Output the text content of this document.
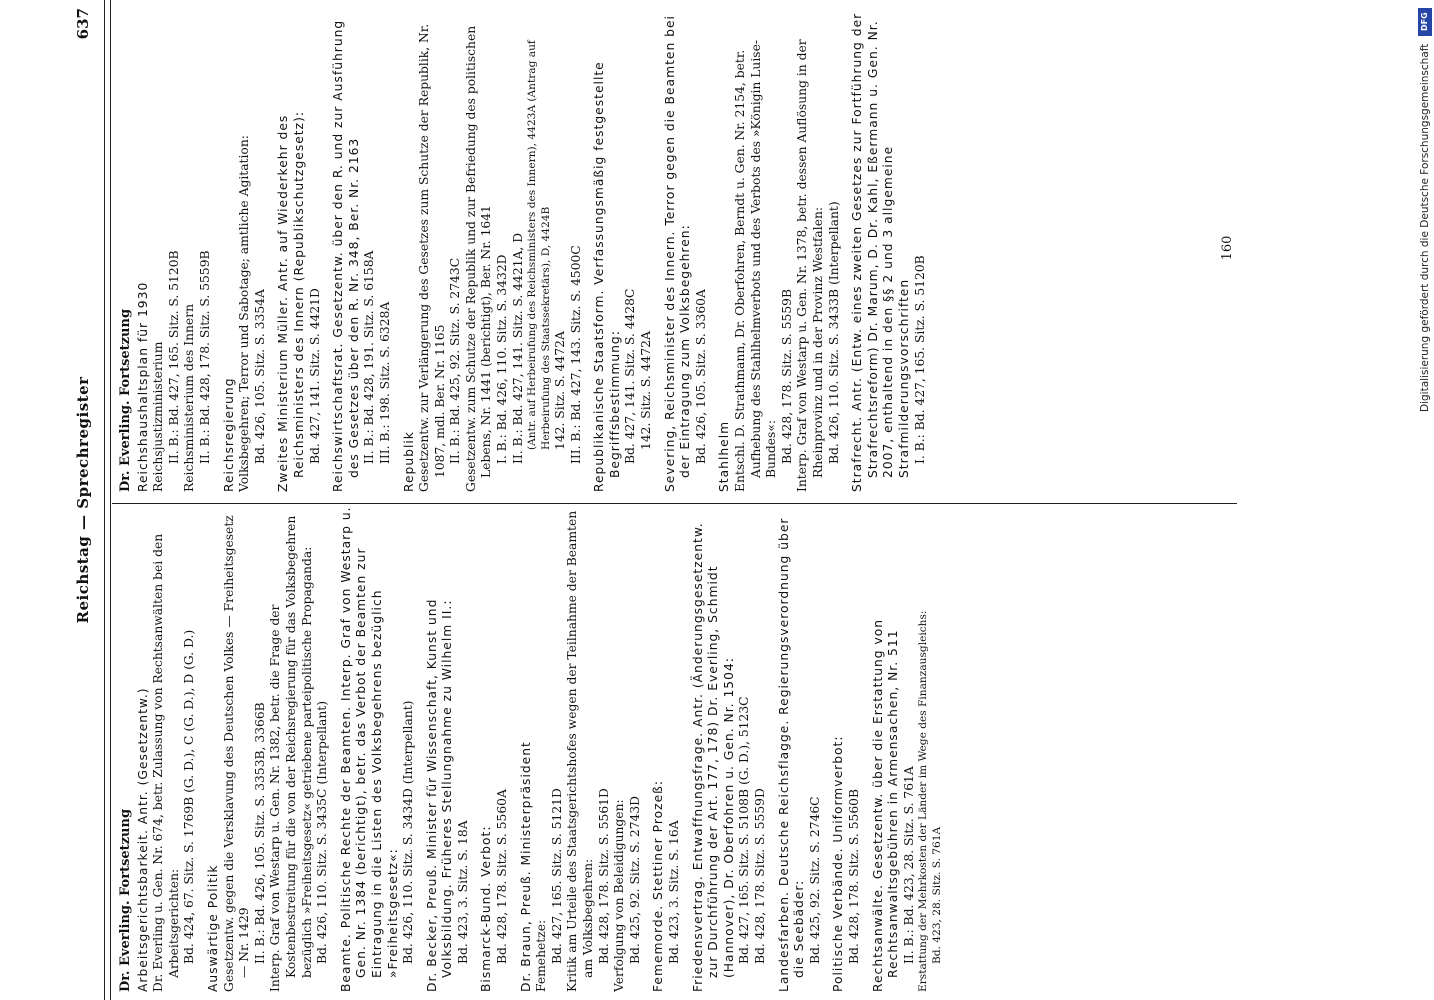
Reichstag — Sprechregister
637
Dr. Everling. Fortsetzung Arbeitsgerichtsbarkeit. Antr. (Gesetzentw.) Dr. Everling u. Gen. Nr. 674, betr. Zulassung von Rechtsanwälten bei den Arbeitsgerichten: Bd. 424, 67. Sitz. S. 1769B (G. D.), C (G. D.), D (G. D.) Auswärtige Politik Gesetzentw. gegen die Versklavung des Deutschen Volkes — Freiheitsgesetz — Nr. 1429 II. B.: Bd. 426, 105. Sitz. S. 3353B, 3366B Interp. Graf von Westarp u. Gen. Nr. 1382, betr. die Frage der Kostenbestreitung für die von der Reichsregierung für das Volksbegehren bezüglich »Freiheitsgesetz« getriebene parteipolitische Propaganda: Bd. 426, 110. Sitz. S. 3435C (Interpellant) Beamte. Politische Rechte der Beamten. Interp. Graf von Westarp u. Gen. Nr. 1384 (berichtigt), betr. das Verbot der Beamten zur Eintragung in die Listen des Volksbegehrens bezüglich »Freiheitsgesetz«: Bd. 426, 110. Sitz. S. 3434D (Interpellant) Dr. Becker, Preuß. Minister für Wissenschaft, Kunst und Volksbildung. Früheres Stellungnahme zu Wilhelm II.: Bd. 423, 3. Sitz. S. 18A Bismarck-Bund. Verbot: Bd. 428, 178. Sitz. S. 5560A Dr. Braun, Preuß. Ministerpräsident Femehetze: Bd. 427, 165. Sitz. S. 5121D Kritik am Urteile des Staatsgerichtshofes wegen der Teilnahme der Beamten am Volksbegehren: Bd. 428, 178. Sitz. S. 5561D Verfolgung von Beleidigungen: Bd. 425, 92. Sitz. S. 2743D Fememorde. Stettiner Prozeß: Bd. 423, 3. Sitz. S. 16A Friedensvertrag. Entwaffnungsfrage. Antr. (Änderungsgesetzentw. zur Durchführung der Art. 177, 178) Dr. Everling, Schmidt (Hannover), Dr. Oberfohren u. Gen. Nr. 1504: Bd. 427, 165. Sitz. S. 5108B (G. D.), 5123C Bd. 428, 178. Sitz. S. 5559D Landesfarben. Deutsche Reichsflagge. Regierungsverordnung über die Seebäder: Bd. 425, 92. Sitz. S. 2746C Politische Verbände. Uniformverbot: Bd. 428, 178. Sitz. S. 5560B Rechtsanwälte. Gesetzentw. über die Erstattung von Rechtsanwaltsgebühren in Armensachen, Nr. 511 II. B.: Bd. 423, 28. Sitz. S. 761A Erstattung der Mehrkosten der Länder im Wege des Finanzausgleichs: Bd. 423, 28. Sitz. S. 761A
Dr. Everling. Fortsetzung Reichshaushaltsplan für 1930 Reichsjustizministerium II. B.: Bd. 427, 165. Sitz. S. 5120B Reichsministerium des Innern II. B.: Bd. 428, 178. Sitz. S. 5559B Reichsregierung Volksbegehren; Terror und Sabotage; amtliche Agitation: Bd. 426, 105. Sitz. S. 3354A Zweites Ministerium Müller. Antr. auf Wiederkehr des Reichsministers des Innern (Republikschutzgesetz): Bd. 427, 141. Sitz. S. 4421D Reichswirtschaftsrat. Gesetzentw. über den R. und zur Ausführung des Gesetzes über den R. Nr. 348, Ber. Nr. 2163 II. B.: Bd. 428, 191. Sitz. S. 6158A III. B.: 198. Sitz. S. 6328A Republik Gesetzentw. zur Verlängerung des Gesetzes zum Schutze der Republik, Nr. 1087, mdl. Ber. Nr. 1165 II. B.: Bd. 425, 92. Sitz. S. 2743C Gesetzentw. zum Schutze der Republik und zur Befriedung des politischen Lebens, Nr. 1441 (berichtigt), Ber. Nr. 1641 I. B.: Bd. 426, 110. Sitz. S. 3432D II. B.: Bd. 427, 141. Sitz. S. 4421A, D (Antr. auf Herbeirufung des Reichsministers des Innern), 4423A (Antrag auf Herbeirufung des Staatssekretärs), D, 4424B 142. Sitz. S. 4472A III. B.: Bd. 427, 143. Sitz. S. 4500C Republikanische Staatsform. Verfassungsmäßig festgestellte Begriffsbestimmung: Bd. 427, 141. Sitz. S. 4428C 142. Sitz. S. 4472A Severing, Reichsminister des Innern. Terror gegen die Beamten bei der Eintragung zum Volksbegehren: Bd. 426, 105. Sitz. S. 3360A Stahlhelm Entschl. D. Strathmann, Dr. Oberfohren, Berndt u. Gen. Nr. 2154, betr. Aufhebung des Stahlhelmverbots und des Verbots des »Königin Luise-Bundes«: Bd. 428, 178. Sitz. S. 5559B Interp. Graf von Westarp u. Gen. Nr. 1378, betr. dessen Auflösung in der Rheinprovinz und in der Provinz Westfalen: Bd. 426, 110. Sitz. S. 3433B (Interpellant) Strafrecht. Antr. (Entw. eines zweiten Gesetzes zur Fortführung der Strafrechtsreform) Dr. Marum, D. Dr. Kahl, Eßermann u. Gen. Nr. 2007, enthaltend in den §§ 2 und 3 allgemeine Strafmilderungsvorschriften I. B.: Bd. 427, 165. Sitz. S. 5120B
160
DFG
Digitalisierung gefördert durch die Deutsche Forschungsgemeinschaft
